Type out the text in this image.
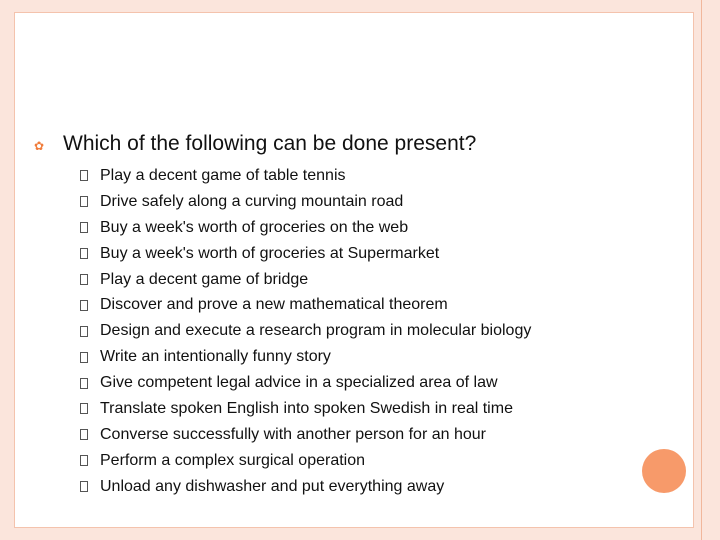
✿ Which of the following can be done present?
Play a decent game of table tennis
Drive safely along a curving mountain road
Buy a week's worth of groceries on the web
Buy a week's worth of groceries at Supermarket
Play a decent game of bridge
Discover and prove a new mathematical theorem
Design and execute a research program in molecular biology
Write an intentionally funny story
Give competent legal advice in a specialized area of law
Translate spoken English into spoken Swedish in real time
Converse successfully with another person for an hour
Perform a complex surgical operation
Unload any dishwasher and put everything away
